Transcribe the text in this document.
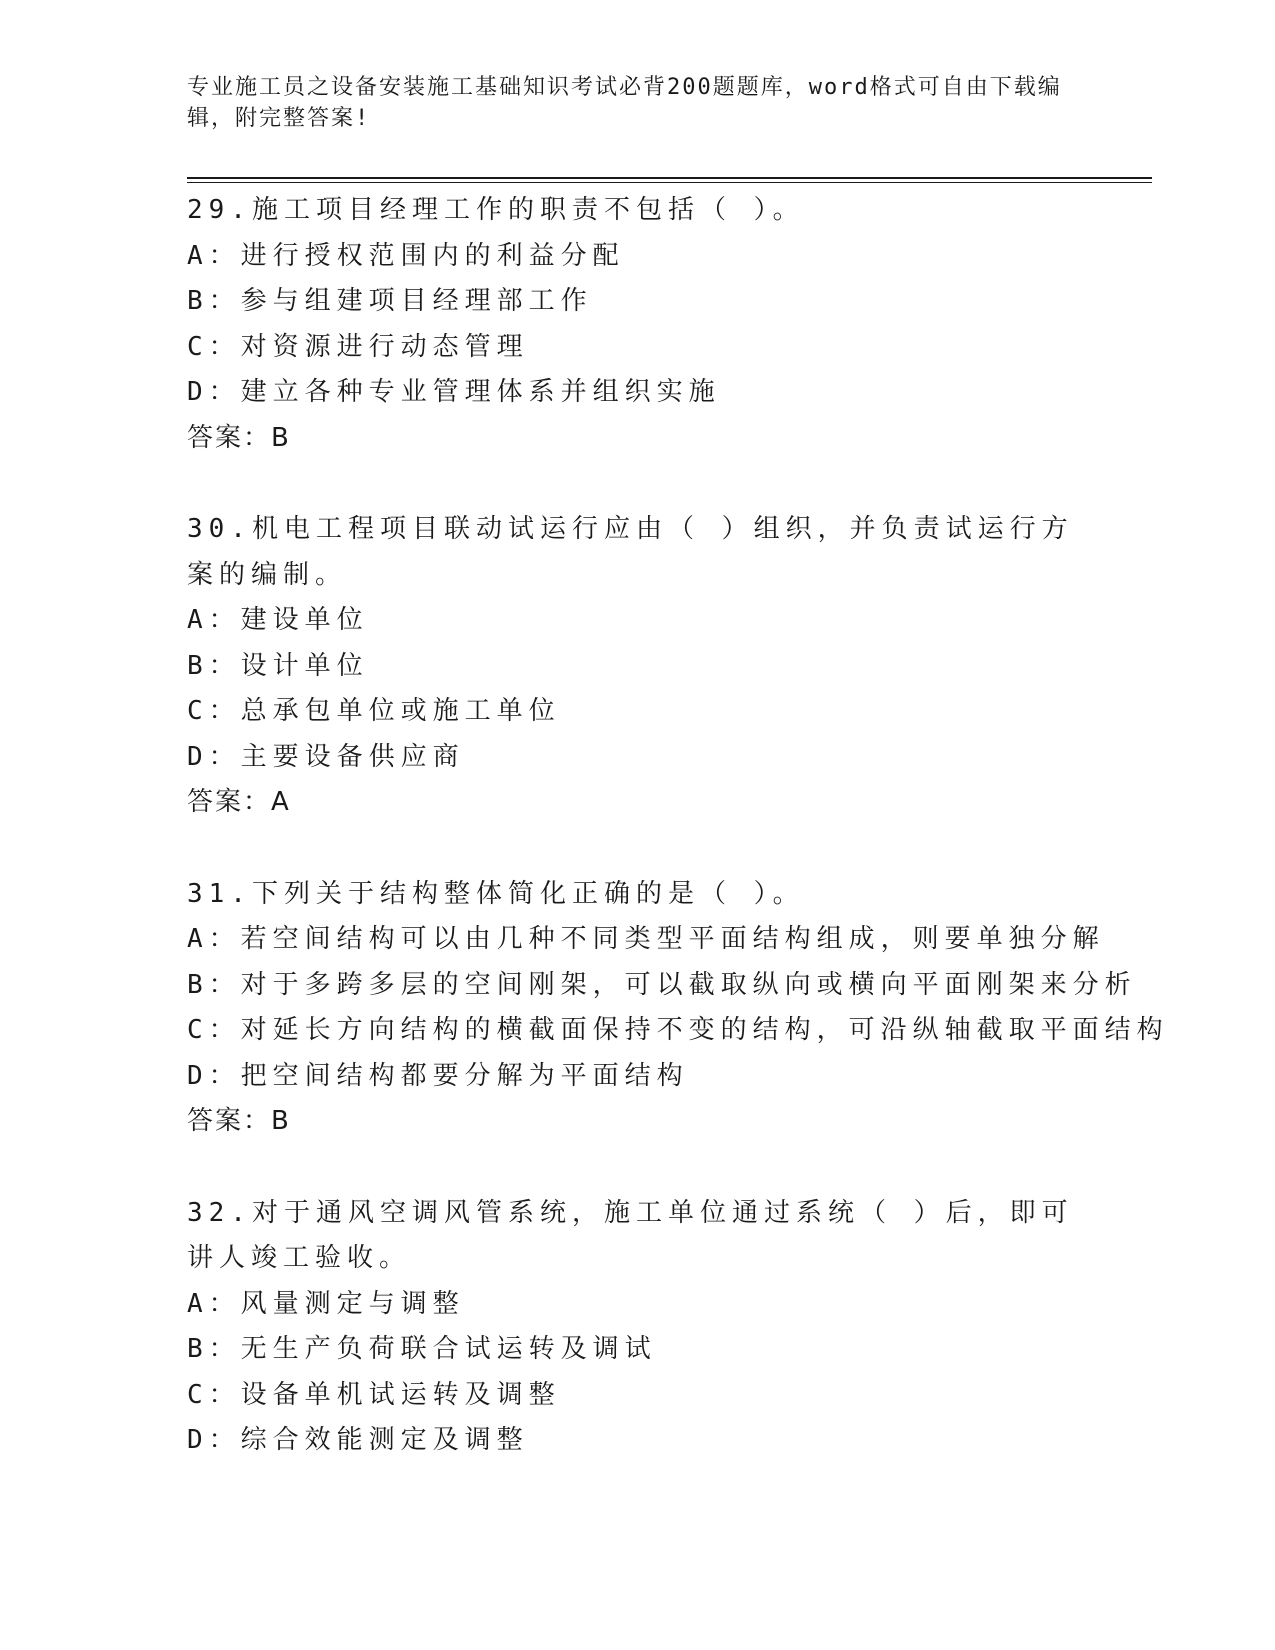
专业施工员之设备安装施工基础知识考试必背200题题库，word格式可自由下载编辑，附完整答案!
29.施工项目经理工作的职责不包括（ ）。
A：进行授权范围内的利益分配
B：参与组建项目经理部工作
C：对资源进行动态管理
D：建立各种专业管理体系并组织实施
答案：B
30.机电工程项目联动试运行应由（ ）组织，并负责试运行方案的编制。
A：建设单位
B：设计单位
C：总承包单位或施工单位
D：主要设备供应商
答案：A
31.下列关于结构整体简化正确的是（ ）。
A：若空间结构可以由几种不同类型平面结构组成，则要单独分解
B：对于多跨多层的空间刚架，可以截取纵向或横向平面刚架来分析
C：对延长方向结构的横截面保持不变的结构，可沿纵轴截取平面结构
D：把空间结构都要分解为平面结构
答案：B
32.对于通风空调风管系统，施工单位通过系统（ ）后，即可讲人竣工验收。
A：风量测定与调整
B：无生产负荷联合试运转及调试
C：设备单机试运转及调整
D：综合效能测定及调整
